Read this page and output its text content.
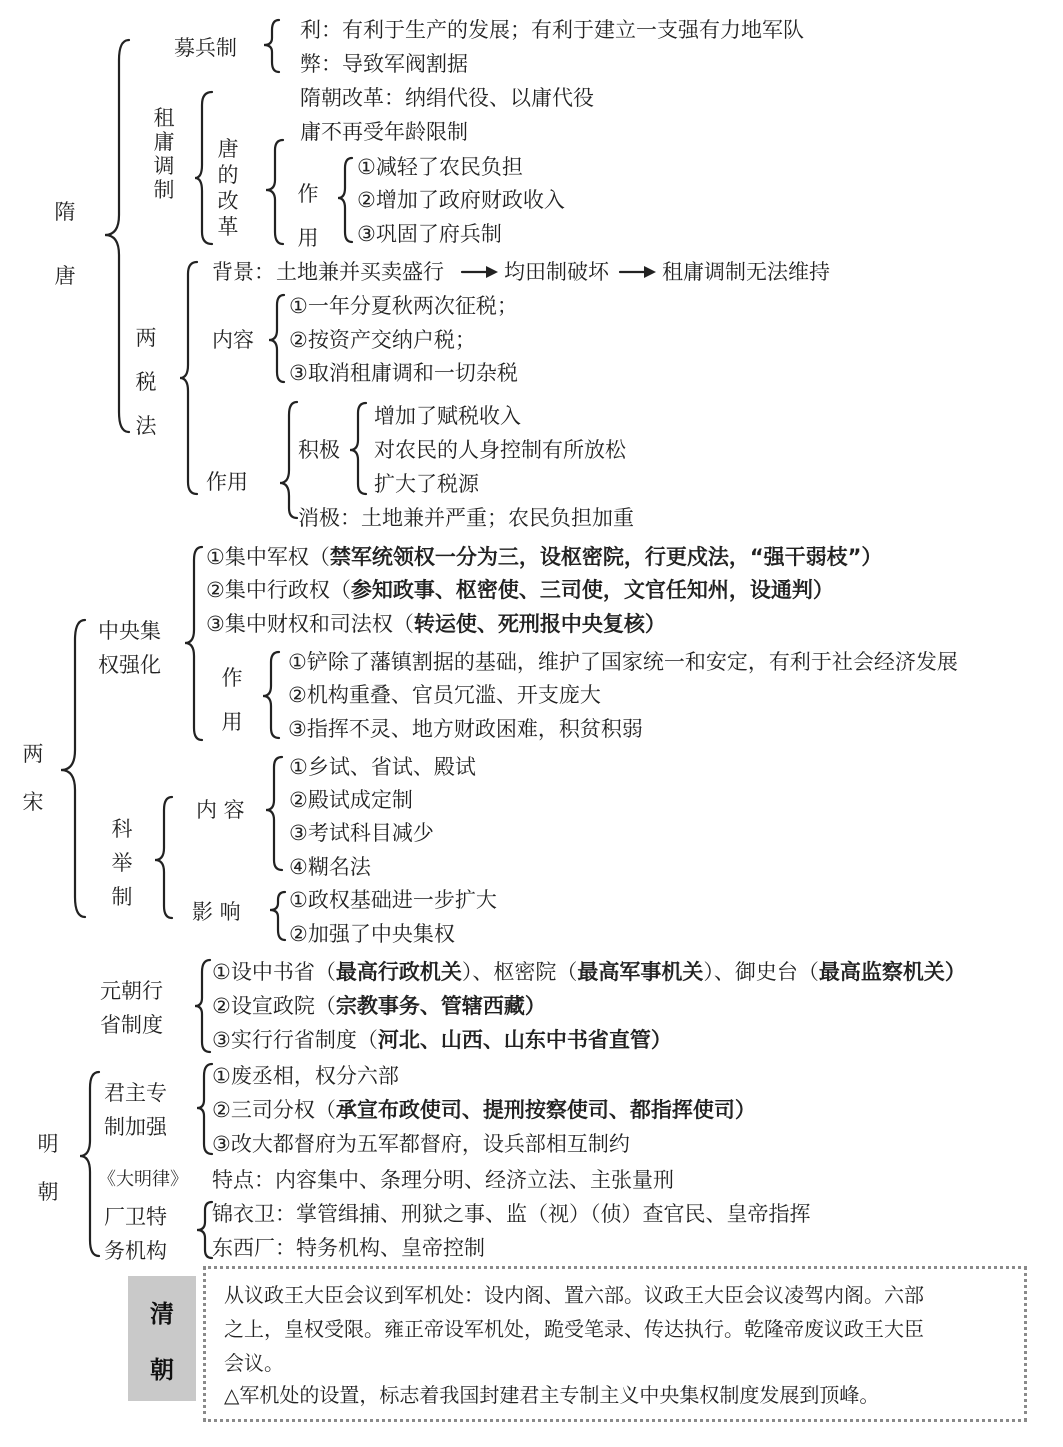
隋唐
募兵制
利：有利于生产的发展；有利于建立一支强有力地军队
弊：导致军阀割据
租庸调制
隋朝改革：纳绢代役、以庸代役
唐的改革
庸不再受年龄限制
作用
①减轻了农民负担
②增加了政府财政收入
③巩固了府兵制
两税法
背景： 土地兼并买卖盛行	均田制破坏	租庸调制无法维持
内容
①一年分夏秋两次征税；
②按资产交纳户税；
③取消租庸调和一切杂税
作用
积极
增加了赋税收入
对农民的人身控制有所放松
扩大了税源
消极：土地兼并严重；农民负担加重
两宋
中央集权强化
①集中军权（禁军统领权一分为三，设枢密院，行更戍法，“强干弱枝”）
②集中行政权（参知政事、枢密使、三司使，文官任知州，设通判）
③集中财权和司法权（转运使、死刑报中央复核）
作用
①铲除了藩镇割据的基础，维护了国家统一和安定，有利于社会经济发展
②机构重叠、官员冗滥、开支庞大
③指挥不灵、地方财政困难，积贫积弱
科举制
内 容
①乡试、省试、殿试
②殿试成定制
③考试科目减少
④糊名法
影 响 ①政权基础进一步扩大
②加强了中央集权
元朝行省制度
①设中书省（最高行政机关）、枢密院（最高军事机关）、御史台（最高监察机关）
②设宣政院（宗教事务、管辖西藏）
③实行行省制度（河北、山西、山东中书省直管）
明朝
君主专制加强
①废丞相，权分六部
②三司分权（承宣布政使司、提刑按察使司、都指挥使司）
③改大都督府为五军都督府，设兵部相互制约
《大明律》 特点：内容集中、条理分明、经济立法、主张量刑
厂卫特务机构
锦衣卫：掌管缉捕、刑狱之事、监（视）（侦）查官民、皇帝指挥
东西厂：特务机构、皇帝控制
清
朝
从议政王大臣会议到军机处：设内阁、置六部。议政王大臣会议凌驾内阁。六部
之上，皇权受限。雍正帝设军机处，跪受笔录、传达执行。乾隆帝废议政王大臣
会议。
△军机处的设置，标志着我国封建君主专制主义中央集权制度发展到顶峰。
